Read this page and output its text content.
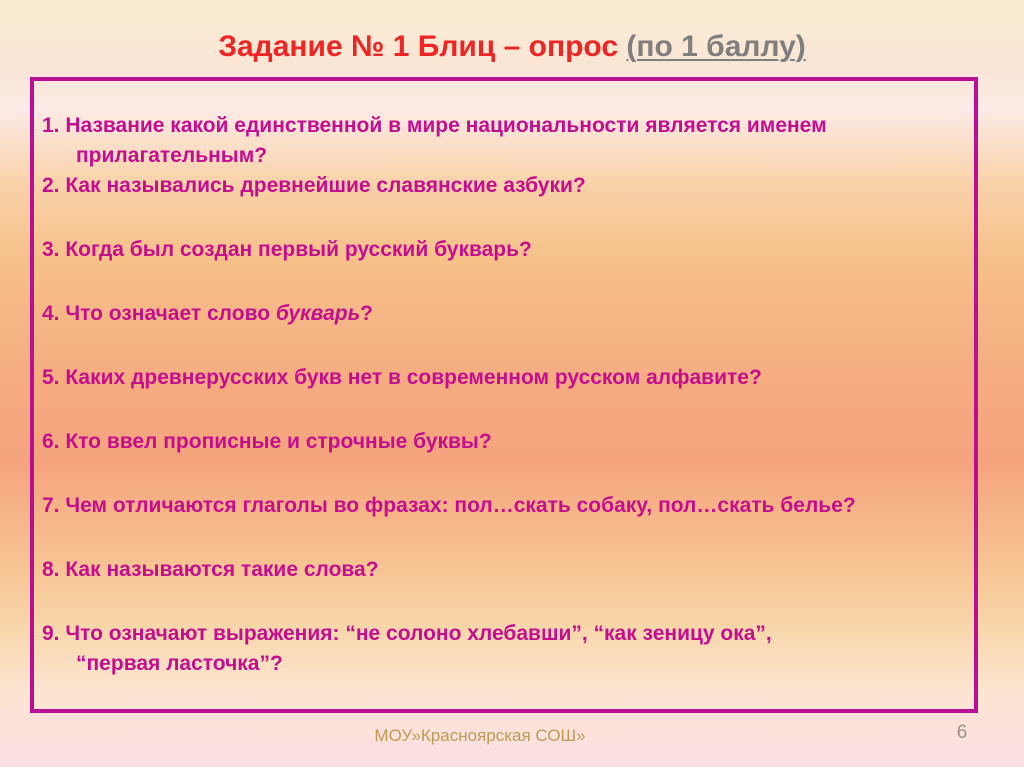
Задание № 1 Блиц – опрос (по 1 баллу)

1. Название какой единственной в мире национальности является именем
прилагательным?

2. Как назывались древнейшие славянские азбуки?

3. Когда был создан первый русский букварь?

4. Что означает слово букварь?

5. Каких древнерусских букв нет в современном русском алфавите?

6. Кто ввел прописные и строчные буквы?

7. Чем отличаются глаголы во фразах: пол…скать собаку, пол…скать белье?

8. Как называются такие слова?

9. Что означают выражения: “не солоно хлебавши”, “как зеницу ока”,
“первая ласточка”?

МОУ»Красноярская СОШ»	6
